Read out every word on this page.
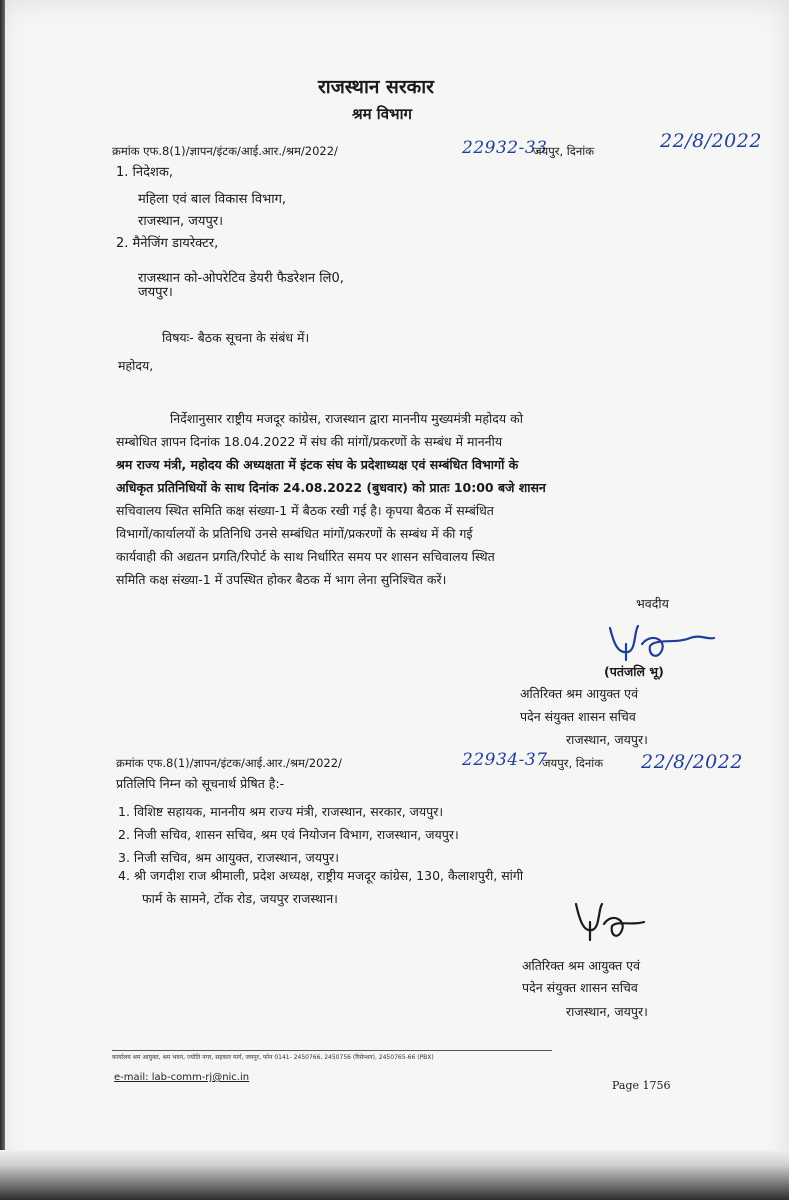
राजस्थान सरकार
श्रम विभाग
क्रमांक एफ.8(1)/ज्ञापन/इंटक/आई.आर./श्रम/2022/	22932-33
जयपुर, दिनांक	22/8/2022
1. निदेशक,
महिला एवं बाल विकास विभाग,
राजस्थान, जयपुर।
2. मैनेजिंग डायरेक्टर,
राजस्थान को-ओपरेटिव डेयरी फैडरेशन लि0,
जयपुर।
विषयः- बैठक सूचना के संबंध में।
महोदय,
निर्देशानुसार राष्ट्रीय मजदूर कांग्रेस, राजस्थान द्वारा माननीय मुख्यमंत्री महोदय को
सम्बोधित ज्ञापन दिनांक 18.04.2022 में संघ की मांगों/प्रकरणों के सम्बंध में माननीय
श्रम राज्य मंत्री, महोदय की अध्यक्षता में इंटक संघ के प्रदेशाध्यक्ष एवं सम्बंधित विभागों के
अधिकृत प्रतिनिधियों के साथ दिनांक 24.08.2022 (बुधवार) को प्रातः 10:00 बजे शासन
सचिवालय स्थित समिति कक्ष संख्या-1 में बैठक रखी गई है। कृपया बैठक में सम्बंधित
विभागों/कार्यालयों के प्रतिनिधि उनसे सम्बंधित मांगों/प्रकरणों के सम्बंध में की गई
कार्यवाही की अद्यतन प्रगति/रिपोर्ट के साथ निर्धारित समय पर शासन सचिवालय स्थित
समिति कक्ष संख्या-1 में उपस्थित होकर बैठक में भाग लेना सुनिश्चित करें।
भवदीय
(पतंजलि भू)
अतिरिक्त श्रम आयुक्त एवं
पदेन संयुक्त शासन सचिव
राजस्थान, जयपुर।
क्रमांक एफ.8(1)/ज्ञापन/इंटक/आई.आर./श्रम/2022/	22934-37
जयपुर, दिनांक 22/8/2022
प्रतिलिपि निम्न को सूचनार्थ प्रेषित है:-
1. विशिष्ट सहायक, माननीय श्रम राज्य मंत्री, राजस्थान, सरकार, जयपुर।
2. निजी सचिव, शासन सचिव, श्रम एवं नियोजन विभाग, राजस्थान, जयपुर।
3. निजी सचिव, श्रम आयुक्त, राजस्थान, जयपुर।
4. श्री जगदीश राज श्रीमाली, प्रदेश अध्यक्ष, राष्ट्रीय मजदूर कांग्रेस, 130, कैलाशपुरी, सांगी
फार्म के सामने, टोंक रोड, जयपुर राजस्थान।
अतिरिक्त श्रम आयुक्त एवं
पदेन संयुक्त शासन सचिव
राजस्थान, जयपुर।
कार्यालय श्रम आयुक्त, श्रम भवन, ज्योति नगर, सहकार मार्ग, जयपुर, फोन 0141- 2450766, 2450756 (रिसेप्शन), 2450765-66 (PBX)
e-mail: lab-comm-rj@nic.in
Page 1756
